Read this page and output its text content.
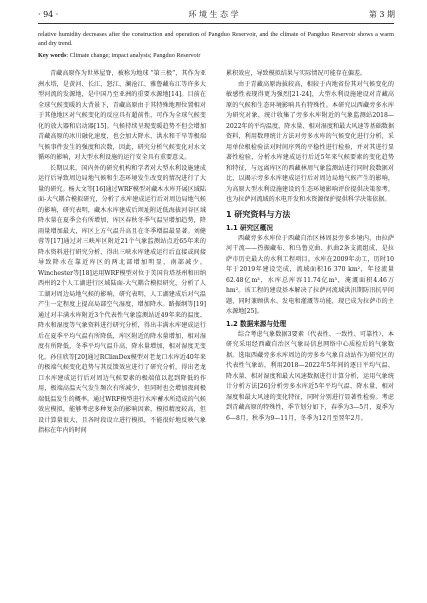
· 94 ·	环 境 生 态 学	第 3 期
relative humidity decreases after the construction and operation of Pangduo Reservoir, and the climate of Pangduo Reservoir shows a warm and dry trend.
Key words: Climate change; impact analysis; Pangduo Reservoir

青藏高原作为世界屋脊，被称为地球 “第三极”，其作为亚洲水塔，是黄河、长江、怒江、澜沧江、雅鲁藏布江等许多大型河流的发源地，是中国乃至亚洲的重要水源地[14]。目前在全球气候变暖的大背景下，青藏高原由于其特殊地理位置相对于其他地区对气候变化的反应具有超前性，可作为全球气候变化的放大器和启动器[15]。气候持续呈现变暖趋势不但会增加青藏高原的冰川融化速度，也会加大降水、洪水和干旱等极端气候事件发生的强度和次数，因此，研究分析气候变化对水文循环的影响，对大型水利设施的运行安全具有重要意义。

长期以来，国内外的研究机构和学者对大型水利设施建成运行后导致周边局地气候和生态环境发生改变的情况进行了大量的研究。杨大文等[16]通过WRF模型对藏木水库开展区域陆面-大气耦合模拟研究，分析了水库建成运行后对周边局地气候的影响，研究表明，藏木水库建成后坝址附近低海拔河谷区域降水量在夏季会有所增加，库区春秋冬季气温呈增加趋势，降雨量增加最大，库区上方气温升高且在冬季增温最显著。刘健蓉等[17]通过对三峡库区附近21个气象监测站点近65年来的降水资料进行研究分析，得出三峡水库建成运行后直接或间接导致降水在靠近库区的两北部增加明显，南部减少。Winchester等[18]运用WRF模型对位于美国肯塔基州和田纳西州的2个人工湖进行区域陆面-大气耦合模拟研究，分析了人工湖对周边局地气候的影响，研究表明，人工湖建成后对气温产生一定程度上提高局部空气湿度，增加降水。路振纲等[19]通过对丰满水库附近3个代表性气象监测站近49年来的温度、降水和湿度等气象资料进行研究分析，得出丰满水库建成运行后在夏季平均气温有所降低，库区附近的降水量增加，相对湿度有所降低，冬季平均气温升高、降水量增加，相对湿度无变化。孙佳欣等[20]通过RClimDex模型对老龙口水库近40年来的极端气候变化趋势与其反馈效应进行了研究分析，得出老龙口水库建成运行后对周边气候要素的极端值以起到降低的作用，极端高温天气发生频次有所减少，但同时也会增加夜间极端低温发生的概率。通过WRF模型进行水库蓄水所造成的气候效应模拟，能够考虑多种复杂的影响因素，模拟精度较高，但设计算量很大，且各时段设立进行模拟，不能很好地反映气象指标在年内的时间

累积效应，导致模拟结果与实际情况可能存在偏差。

由于青藏高原海拔较高，相较于内地省份其对气候变化的敏感性表现得更为强烈[21-24]，大型水利设施建设对青藏高原的气候和生态环境影响具有特殊性。本研究以西藏旁多水库为研究对象，统计收集了旁多水库附近的气象监测站2018—2022年的平均温度、降水量、相对湿度和最大风速等基础数据资料，利用数理统计方法对旁多水库的气候变化进行分析，采用单位根检验法对时间序列的平稳性进行检验，并对其进行显著性检验，分析水库建成运行后近5年来气候要素的变化趋势和特征，与远离库区的西藏林周气象监测站进行同时段数据对比，以揭示旁多水库建成运行后对周边局地气候产生的影响，为高原大型水利设施建设的生态环境影响评价提供决策参考，也为拉萨河流域的水电开发和水资源保护提供科学决策依据。

1 研究资料与方法
1.1 研究区概况

西藏旁多水库位于西藏自治区林周县旁多乡境内，由拉萨河干流——热振藏布、和乌鲁克曲、扒曲2条支流组成，是拉萨市历史最大的水利工程项目。水库在2009年动工，历时10年于2019年建设完成，流域面积16 370 km²，年径流量62.48亿m³，水库总库容11.74亿m³，淹溉面积4.46万hm²。该工程的建设基本解决了拉萨河流域洪汛期防汛抗旱问题，同时兼顾供水、发电和灌溉等功能，现已成为拉萨市的主水源地[25]。

1.2 数据来源与处理

综合考虑气象数据3要素（代表性、一致性、可靠性），本研究采用经西藏自治区气象局信息网络中心质检后的气象数据。选取西藏旁多水库周边的旁多乡气象自动站作为研究区的代表性气象站，利用2018—2022年5年间的逐日平均气温、降水量、相对湿度和最大风速数据进行计算分析，运用气象统计分析方法[26]分析旁多水库近5年平均气温、降水量、相对湿度和最大风速的变化特征，同时分别进行显著性检验。考虑到青藏高原的特殊性，季节划分如下，春季为3—5月，夏季为6—8月，秋季为9—11月，冬季为12月至翌年2月。
